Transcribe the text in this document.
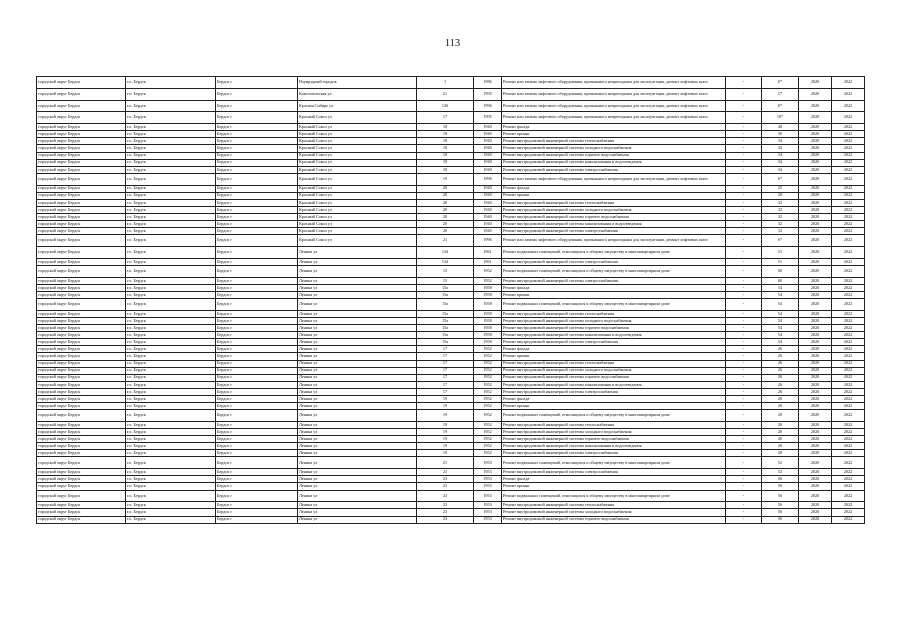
113
городской округ Бердск	г.о. Бердск	Бердск г	Изумрудный городок	1	1986	Ремонт или замена лифтового оборудования, признанного непригодным для эксплуатации, ремонт лифтовых шахт	-	6*	2020	2022
городской округ Бердск	г.о. Бердск	Бердск г	Комсомольская ул	21	1995	Ремонт или замена лифтового оборудования, признанного непригодным для эксплуатации, ремонт лифтовых шахт	-	17	2020	2022
городской округ Бердск	г.о. Бердск	Бердск г	Красная Сибирь ул	126	1996	Ремонт или замена лифтового оборудования, признанного непригодным для эксплуатации, ремонт лифтовых шахт	-	6*	2020	2022
городской округ Бердск	г.о. Бердск	Бердск г	Красный Сокол ул	17	1995	Ремонт или замена лифтового оборудования, признанного непригодным для эксплуатации, ремонт лифтовых шахт	-	10*	2020	2022
городской округ Бердск	г.о. Бердск	Бердск г	Красный Сокол ул	18	1940	Ремонт фасада	-	40	2020	2022
городской округ Бердск	г.о. Бердск	Бердск г	Красный Сокол ул	18	1940	Ремонт крыши	-	30	2020	2022
городской округ Бердск	г.о. Бердск	Бердск г	Красный Сокол ул	18	1940	Ремонт внутридомовой инженерной системы теплоснабжения	-	34	2020	2022
городской округ Бердск	г.о. Бердск	Бердск г	Красный Сокол ул	18	1940	Ремонт внутридомовой инженерной системы холодного водоснабжения	-	34	2020	2022
городской округ Бердск	г.о. Бердск	Бердск г	Красный Сокол ул	18	1940	Ремонт внутридомовой инженерной системы горячего водоснабжения	-	34	2020	2022
городской округ Бердск	г.о. Бердск	Бердск г	Красный Сокол ул	18	1940	Ремонт внутридомовой инженерной системы канализования и водоотведения	-	34	2020	2022
городской округ Бердск	г.о. Бердск	Бердск г	Красный Сокол ул	18	1940	Ремонт внутридомовой инженерной системы электроснабжения	-	34	2020	2022
городской округ Бердск	г.о. Бердск	Бердск г	Красный Сокол ул	19	1996	Ремонт или замена лифтового оборудования, признанного непригодным для эксплуатации, ремонт лифтовых шахт	-	6*	2020	2022
городской округ Бердск	г.о. Бердск	Бердск г	Красный Сокол ул	20	1940	Ремонт фасада	-	25	2020	2022
городской округ Бердск	г.о. Бердск	Бердск г	Красный Сокол ул	20	1940	Ремонт крыши	-	20	2020	2022
городской округ Бердск	г.о. Бердск	Бердск г	Красный Сокол ул	20	1940	Ремонт внутридомовой инженерной системы теплоснабжения	-	32	2020	2022
городской округ Бердск	г.о. Бердск	Бердск г	Красный Сокол ул	20	1940	Ремонт внутридомовой инженерной системы холодного водоснабжения	-	32	2020	2022
городской округ Бердск	г.о. Бердск	Бердск г	Красный Сокол ул	20	1940	Ремонт внутридомовой инженерной системы горячего водоснабжения	-	32	2020	2022
городской округ Бердск	г.о. Бердск	Бердск г	Красный Сокол ул	20	1940	Ремонт внутридомовой инженерной системы канализования и водоотведения	-	32	2020	2022
городской округ Бердск	г.о. Бердск	Бердск г	Красный Сокол ул	20	1940	Ремонт внутридомовой инженерной системы электроснабжения	-	32	2020	2022
городской округ Бердск	г.о. Бердск	Бердск г	Красный Сокол ул	21	1996	Ремонт или замена лифтового оборудования, признанного непригодным для эксплуатации, ремонт лифтовых шахт	-	6*	2020	2022
городской округ Бердск	г.о. Бердск	Бердск г	Ленина ул	134	1961	Ремонт подвальных помещений, относящихся к общему имуществу в многоквартирном доме	-	51	2020	2022
городской округ Бердск	г.о. Бердск	Бердск г	Ленина ул	134	1961	Ремонт внутридомовой инженерной системы электроснабжения	-	51	2020	2022
городской округ Бердск	г.о. Бердск	Бердск г	Ленина ул	15	1952	Ремонт подвальных помещений, относящихся к общему имуществу в многоквартирном доме	-	60	2020	2022
городской округ Бердск	г.о. Бердск	Бердск г	Ленина ул	15	1952	Ремонт внутридомовой инженерной системы электроснабжения	-	60	2020	2022
городской округ Бердск	г.о. Бердск	Бердск г	Ленина ул	15а	1958	Ремонт фасада	-	54	2020	2022
городской округ Бердск	г.о. Бердск	Бердск г	Ленина ул	15а	1958	Ремонт крыши	-	54	2020	2022
городской округ Бердск	г.о. Бердск	Бердск г	Ленина ул	15а	1958	Ремонт подвальных помещений, относящихся к общему имуществу в многоквартирном доме	-	54	2020	2022
городской округ Бердск	г.о. Бердск	Бердск г	Ленина ул	15а	1958	Ремонт внутридомовой инженерной системы теплоснабжения	-	54	2020	2022
городской округ Бердск	г.о. Бердск	Бердск г	Ленина ул	15а	1958	Ремонт внутридомовой инженерной системы холодного водоснабжения	-	54	2020	2022
городской округ Бердск	г.о. Бердск	Бердск г	Ленина ул	15а	1958	Ремонт внутридомовой инженерной системы горячего водоснабжения	-	54	2020	2022
городской округ Бердск	г.о. Бердск	Бердск г	Ленина ул	15а	1958	Ремонт внутридомовой инженерной системы канализования и водоотведения	-	54	2020	2022
городской округ Бердск	г.о. Бердск	Бердск г	Ленина ул	15а	1958	Ремонт внутридомовой инженерной системы электроснабжения	-	54	2020	2022
городской округ Бердск	г.о. Бердск	Бердск г	Ленина ул	17	1952	Ремонт фасада	-	26	2020	2022
городской округ Бердск	г.о. Бердск	Бердск г	Ленина ул	17	1952	Ремонт крыши	-	26	2020	2022
городской округ Бердск	г.о. Бердск	Бердск г	Ленина ул	17	1952	Ремонт внутридомовой инженерной системы теплоснабжения	-	26	2020	2022
городской округ Бердск	г.о. Бердск	Бердск г	Ленина ул	17	1952	Ремонт внутридомовой инженерной системы холодного водоснабжения	-	26	2020	2022
городской округ Бердск	г.о. Бердск	Бердск г	Ленина ул	17	1952	Ремонт внутридомовой инженерной системы горячего водоснабжения	-	26	2020	2022
городской округ Бердск	г.о. Бердск	Бердск г	Ленина ул	17	1952	Ремонт внутридомовой инженерной системы канализования и водоотведения	-	26	2020	2022
городской округ Бердск	г.о. Бердск	Бердск г	Ленина ул	17	1952	Ремонт внутридомовой инженерной системы электроснабжения	-	26	2020	2022
городской округ Бердск	г.о. Бердск	Бердск г	Ленина ул	19	1952	Ремонт фасада	-	20	2020	2022
городской округ Бердск	г.о. Бердск	Бердск г	Ленина ул	19	1952	Ремонт крыши	-	20	2020	2022
городской округ Бердск	г.о. Бердск	Бердск г	Ленина ул	19	1952	Ремонт подвальных помещений, относящихся к общему имуществу в многоквартирном доме	-	20	2020	2022
городской округ Бердск	г.о. Бердск	Бердск г	Ленина ул	19	1952	Ремонт внутридомовой инженерной системы теплоснабжения	-	20	2020	2022
городской округ Бердск	г.о. Бердск	Бердск г	Ленина ул	19	1952	Ремонт внутридомовой инженерной системы холодного водоснабжения	-	20	2020	2022
городской округ Бердск	г.о. Бердск	Бердск г	Ленина ул	19	1952	Ремонт внутридомовой инженерной системы горячего водоснабжения	-	20	2020	2022
городской округ Бердск	г.о. Бердск	Бердск г	Ленина ул	19	1952	Ремонт внутридомовой инженерной системы канализования и водоотведения	-	20	2020	2022
городской округ Бердск	г.о. Бердск	Бердск г	Ленина ул	19	1952	Ремонт внутридомовой инженерной системы электроснабжения	-	20	2020	2022
городской округ Бердск	г.о. Бердск	Бердск г	Ленина ул	21	1953	Ремонт подвальных помещений, относящихся к общему имуществу в многоквартирном доме	-	52	2020	2022
городской округ Бердск	г.о. Бердск	Бердск г	Ленина ул	21	1953	Ремонт внутридомовой инженерной системы электроснабжения	-	52	2020	2022
городской округ Бердск	г.о. Бердск	Бердск г	Ленина ул	23	1953	Ремонт фасада	-	56	2020	2022
городской округ Бердск	г.о. Бердск	Бердск г	Ленина ул	23	1953	Ремонт крыши	-	56	2020	2022
городской округ Бердск	г.о. Бердск	Бердск г	Ленина ул	23	1953	Ремонт подвальных помещений, относящихся к общему имуществу в многоквартирном доме	-	56	2020	2022
городской округ Бердск	г.о. Бердск	Бердск г	Ленина ул	23	1953	Ремонт внутридомовой инженерной системы теплоснабжения	-	56	2020	2022
городской округ Бердск	г.о. Бердск	Бердск г	Ленина ул	23	1953	Ремонт внутридомовой инженерной системы холодного водоснабжения	-	56	2020	2022
городской округ Бердск	г.о. Бердск	Бердск г	Ленина ул	23	1953	Ремонт внутридомовой инженерной системы горячего водоснабжения	-	56	2020	2022
